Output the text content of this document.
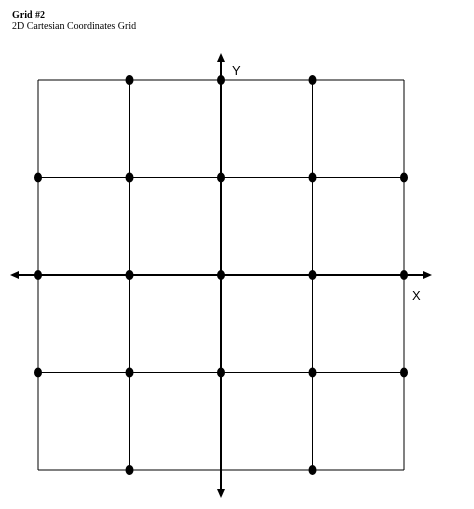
Grid #2
2D Cartesian Coordinates Grid
Y
X
